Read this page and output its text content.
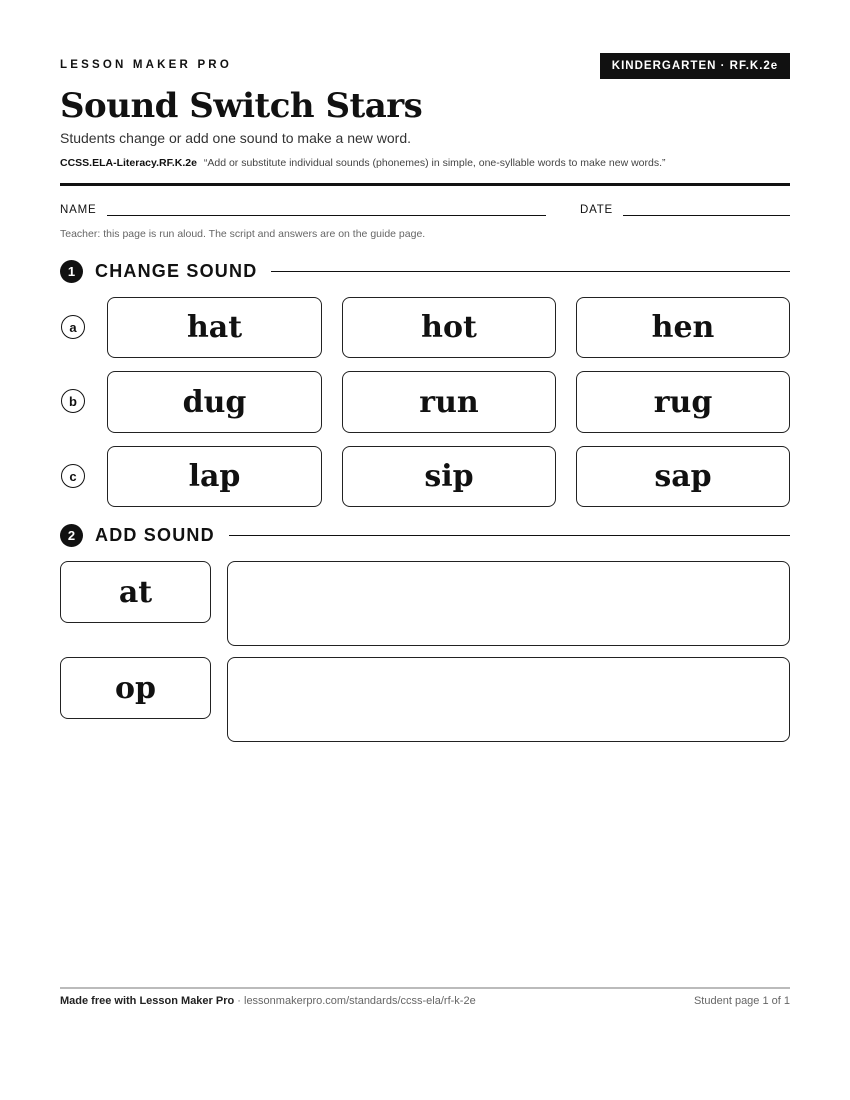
LESSON MAKER PRO	KINDERGARTEN · RF.K.2e
Sound Switch Stars
Students change or add one sound to make a new word.
CCSS.ELA-Literacy.RF.K.2e “Add or substitute individual sounds (phonemes) in simple, one-syllable words to make new words.”
NAME	DATE
Teacher: this page is run aloud. The script and answers are on the guide page.
1	CHANGE SOUND
a	hat	hot	hen
b	dug	run	rug
c	lap	sip	sap
2	ADD SOUND
at
op
Made free with Lesson Maker Pro · lessonmakerpro.com/standards/ccss-ela/rf-k-2e	Student page 1 of 1
